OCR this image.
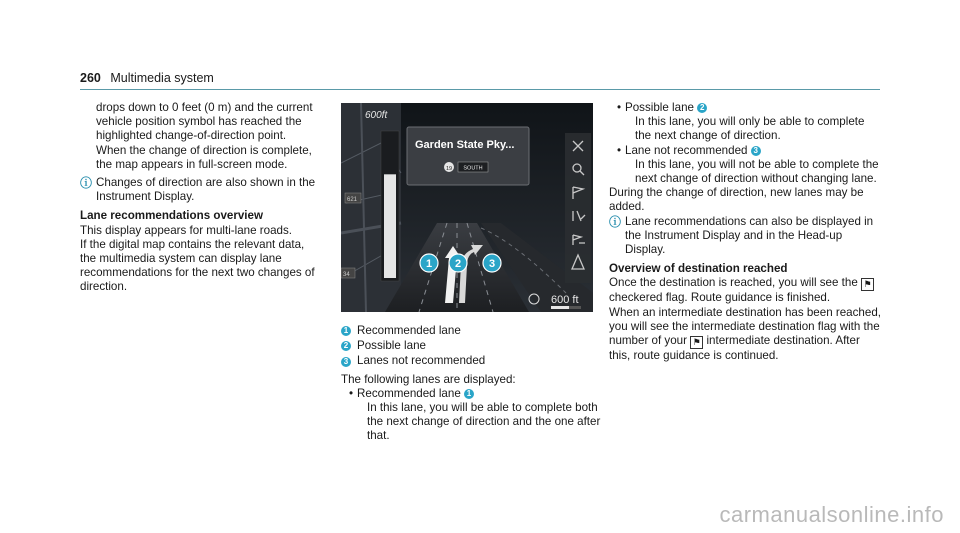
260 Multimedia system

drops down to 0 feet (0 m) and the current vehicle position symbol has reached the highlighted change-of-direction point.

When the change of direction is complete, the map appears in full-screen mode.

ⓘ Changes of direction are also shown in the Instrument Display.

Lane recommendations overview

This display appears for multi-lane roads.

If the digital map contains the relevant data, the multimedia system can display lane recommendations for the next two changes of direction.

621
34
600ft
Garden State Pky...
19 SOUTH
1 2	3
600 ft
1 Recommended lane
2 Possible lane
3 Lanes not recommended

The following lanes are displayed:

• Recommended lane 1

In this lane, you will be able to complete both the next change of direction and the one after that.

• Possible lane 2

In this lane, you will only be able to complete the next change of direction.

• Lane not recommended 3

In this lane, you will not be able to complete the next change of direction without changing lane.

During the change of direction, new lanes may be added.

ⓘ Lane recommendations can also be displayed in the Instrument Display and in the Head-up Display.

Overview of destination reached

Once the destination is reached, you will see the ⚑ checkered flag. Route guidance is finished.

When an intermediate destination has been reached, you will see the intermediate destination flag with the number of your ⚑ intermediate destination. After this, route guidance is continued.

carmanualsonline.info
